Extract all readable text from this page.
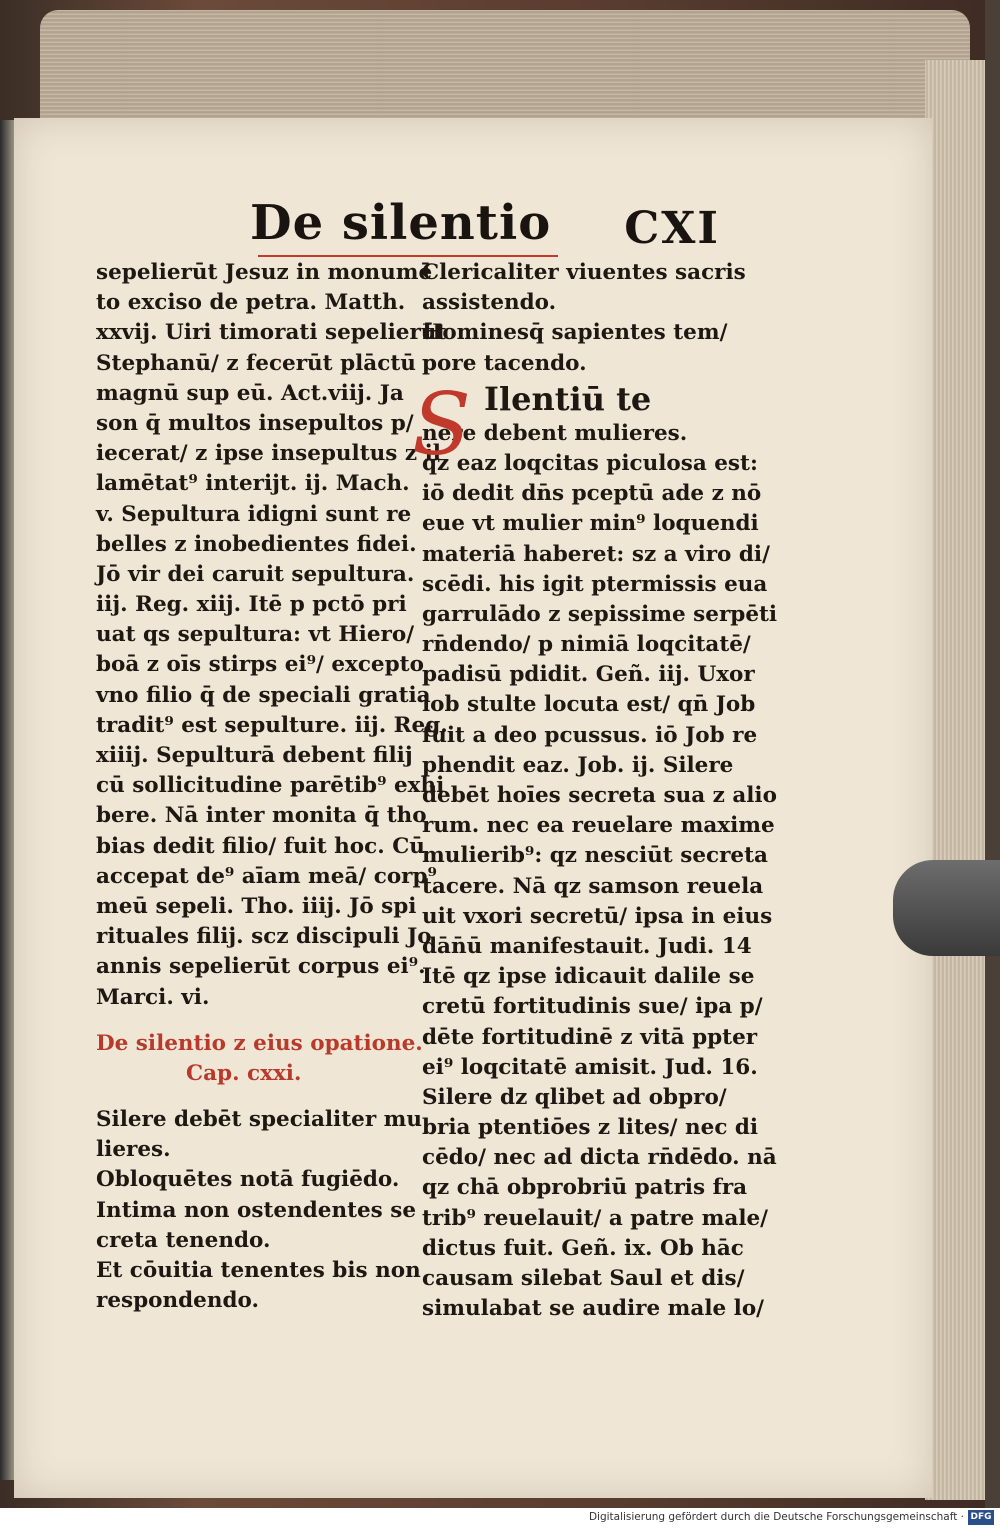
De silentio CXI
sepelierūt Jesuz in monumē
to exciso de petra. Matth.
xxvij. Uiri timorati sepelierūt
Stephanū/ z fecerūt plāctū
magnū sup eū. Act.viij. Ja
son q̄ multos insepultos p/
iecerat/ z ipse insepultus z il
lamētat⁹ interijt. ij. Mach.
v. Sepultura idigni sunt re
belles z inobedientes fidei.
Jō vir dei caruit sepultura.
iij. Reg. xiij. Itē p pctō pri
uat qs sepultura: vt Hiero/
boā z oīs stirps ei⁹/ excepto
vno filio q̄ de speciali gratia
tradit⁹ est sepulture. iij. Reg.
xiiij. Sepulturā debent filij
cū sollicitudine parētib⁹ exhi
bere. Nā inter monita q̄ tho
bias dedit filio/ fuit hoc. Cū
accepat de⁹ aīam meā/ corp⁹
meū sepeli. Tho. iiij. Jō spi
rituales filij. scz discipuli Jo
annis sepelierūt corpus ei⁹.
Marci. vi.
De silentio z eius opatione.
Cap. cxxi.
Silere debēt specialiter mu
lieres.
Obloquētes notā fugiēdo.
Intima non ostendentes se
creta tenendo.
Et cōuitia tenentes bis non
respondendo.
Clericaliter viuentes sacris
assistendo.
Hominesq̄ sapientes tem/
pore tacendo.
Ilentiū te
nere debent mulieres.
qz eaz loqcitas piculosa est:
iō dedit dn̄s pceptū ade z nō
eue vt mulier min⁹ loquendi
materiā haberet: sz a viro di/
scēdi. his igit ptermissis eua
garrulādo z sepissime serpēti
rn̄dendo/ p nimiā loqcitatē/
padisū pdidit. Geñ. iij. Uxor
iob stulte locuta est/ qn̄ Job
fuit a deo pcussus. iō Job re
phendit eaz. Job. ij. Silere
debēt hoīes secreta sua z alio
rum. nec ea reuelare maxime
mulierib⁹: qz nesciūt secreta
tacere. Nā qz samson reuela
uit vxori secretū/ ipsa in eius
dān̄ū manifestauit. Judi. 14
Itē qz ipse idicauit dalile se
cretū fortitudinis sue/ ipa p/
dēte fortitudinē z vitā ppter
ei⁹ loqcitatē amisit. Jud. 16.
Silere dz qlibet ad obpro/
bria ptentiōes z lites/ nec di
cēdo/ nec ad dicta rn̄dēdo. nā
qz chā obprobriū patris fra
trib⁹ reuelauit/ a patre male/
dictus fuit. Geñ. ix. Ob hāc
causam silebat Saul et dis/
simulabat se audire male lo/
S
Digitalisierung gefördert durch die Deutsche Forschungsgemeinschaft · DFG
